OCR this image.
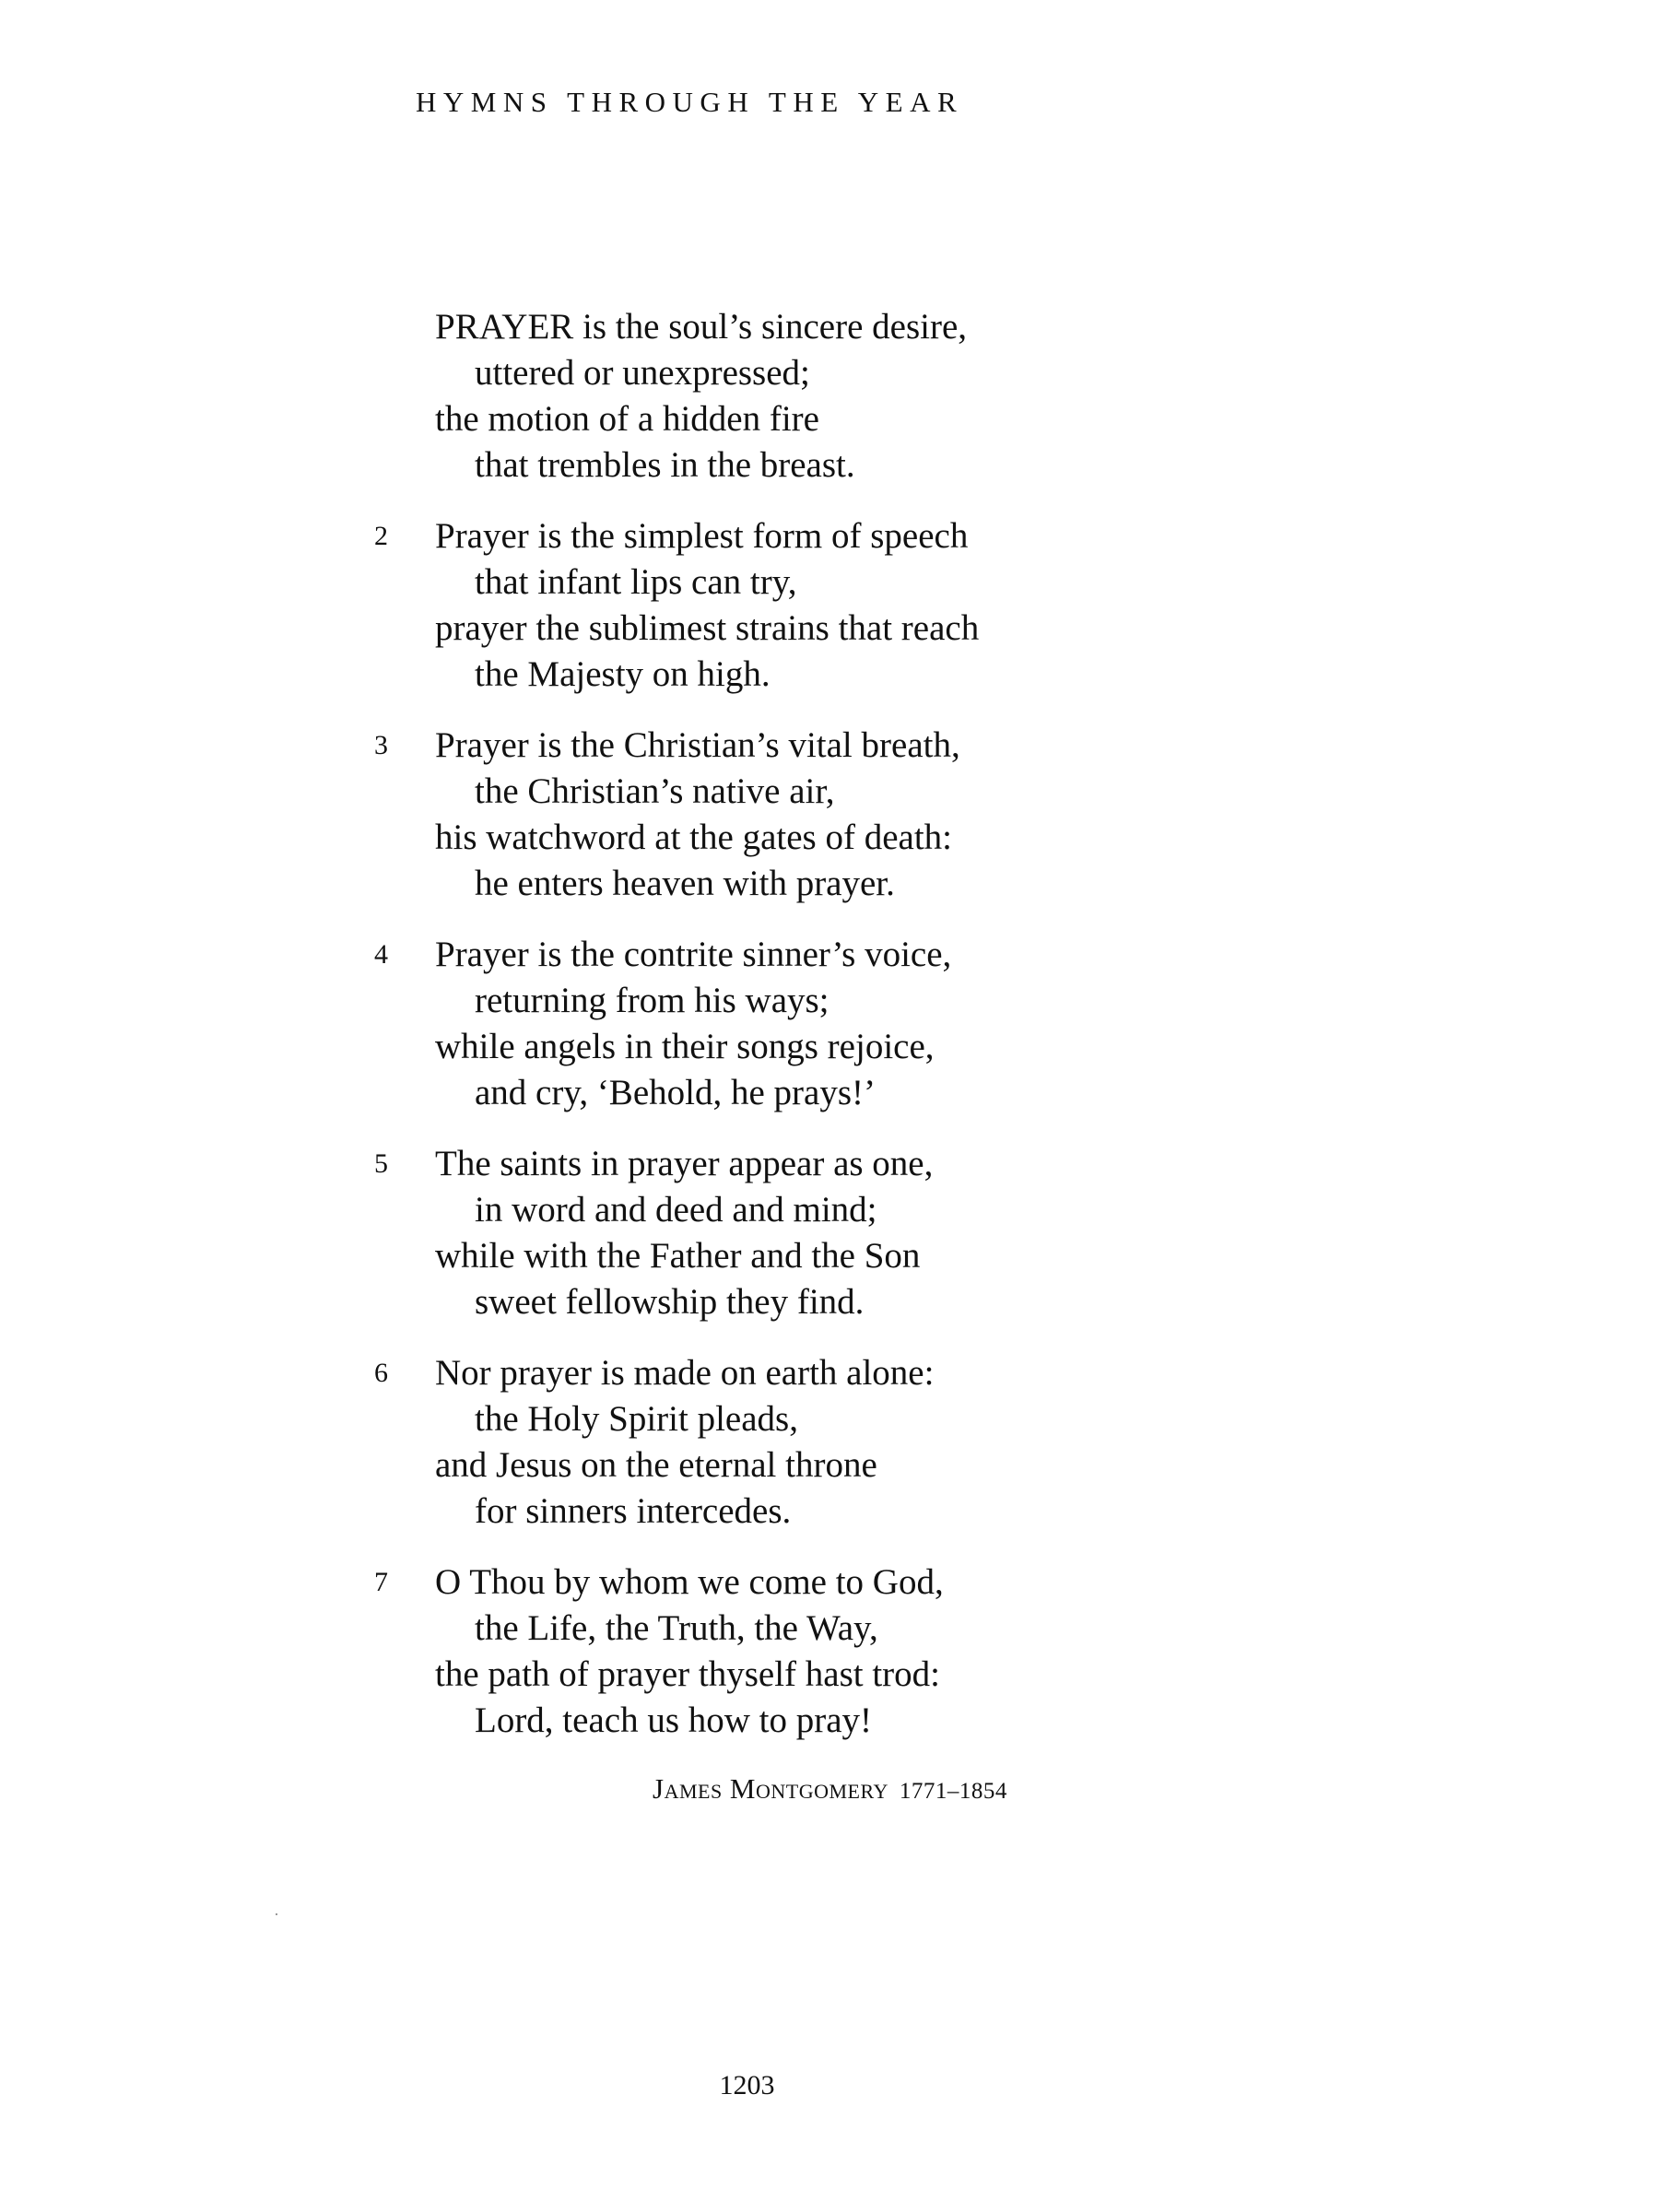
HYMNS THROUGH THE YEAR
PRAYER is the soul’s sincere desire,
uttered or unexpressed;
the motion of a hidden fire
that trembles in the breast.
2	Prayer is the simplest form of speech
that infant lips can try,
prayer the sublimest strains that reach
the Majesty on high.
3	Prayer is the Christian’s vital breath,
the Christian’s native air,
his watchword at the gates of death:
he enters heaven with prayer.
4	Prayer is the contrite sinner’s voice,
returning from his ways;
while angels in their songs rejoice,
and cry, ‘Behold, he prays!’
5	The saints in prayer appear as one,
in word and deed and mind;
while with the Father and the Son
sweet fellowship they find.
6	Nor prayer is made on earth alone:
the Holy Spirit pleads,
and Jesus on the eternal throne
for sinners intercedes.
7	O Thou by whom we come to God,
the Life, the Truth, the Way,
the path of prayer thyself hast trod:
Lord, teach us how to pray!
James Montgomery 1771–1854
1203
